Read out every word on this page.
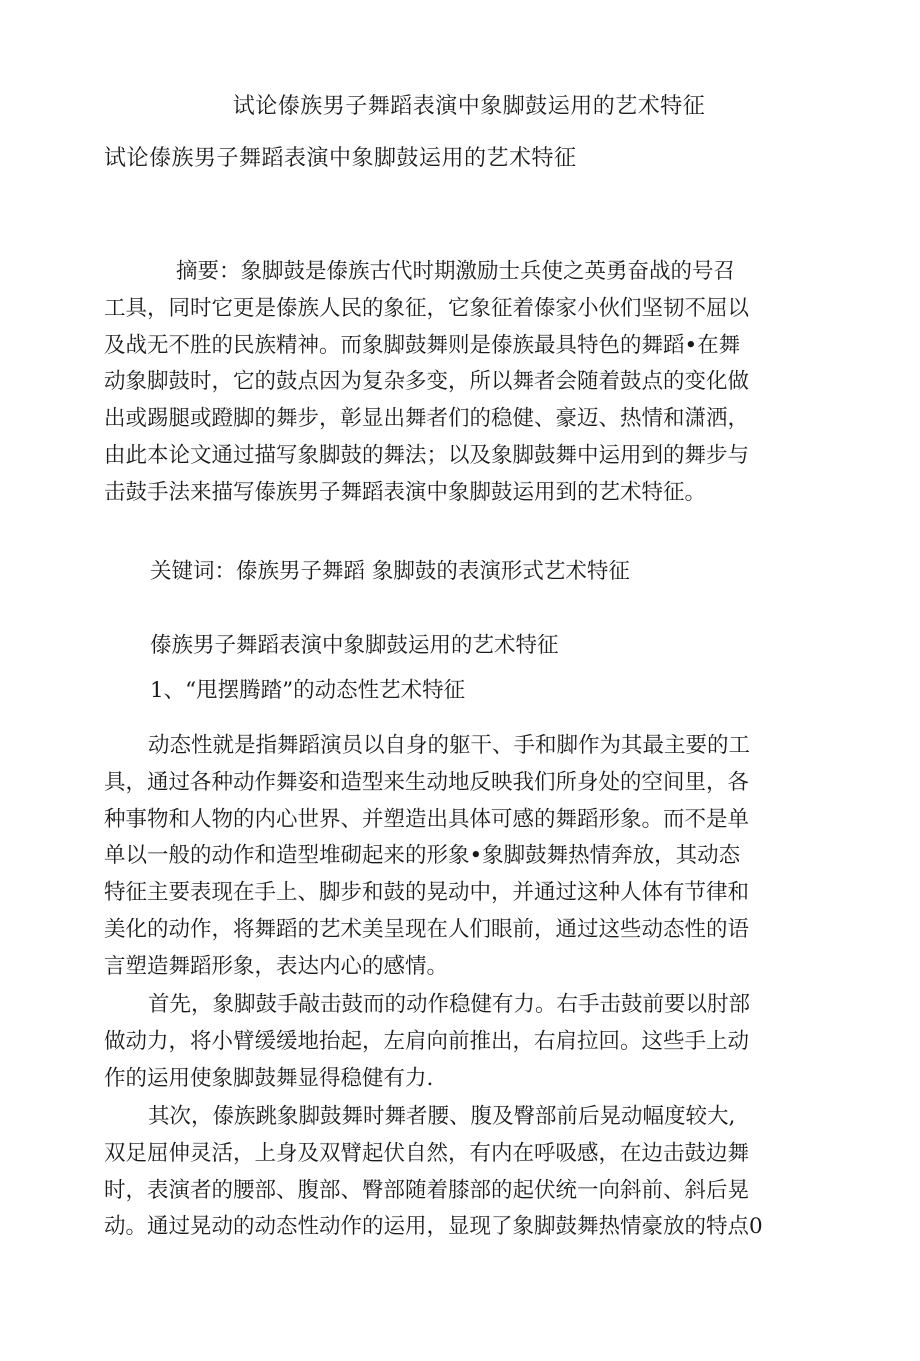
试论傣族男子舞蹈表演中象脚鼓运用的艺术特征
试论傣族男子舞蹈表演中象脚鼓运用的艺术特征
摘要：象脚鼓是傣族古代时期激励士兵使之英勇奋战的号召
工具，同时它更是傣族人民的象征，它象征着傣家小伙们坚韧不屈以
及战无不胜的民族精神。而象脚鼓舞则是傣族最具特色的舞蹈•在舞
动象脚鼓时，它的鼓点因为复杂多变，所以舞者会随着鼓点的变化做
出或踢腿或蹬脚的舞步，彰显出舞者们的稳健、豪迈、热情和潇洒，
由此本论文通过描写象脚鼓的舞法；以及象脚鼓舞中运用到的舞步与
击鼓手法来描写傣族男子舞蹈表演中象脚鼓运用到的艺术特征。
关键词：傣族男子舞蹈 象脚鼓的表演形式艺术特征
傣族男子舞蹈表演中象脚鼓运用的艺术特征
1、“甩摆腾踏”的动态性艺术特征
动态性就是指舞蹈演员以自身的躯干、手和脚作为其最主要的工
具，通过各种动作舞姿和造型来生动地反映我们所身处的空间里，各
种事物和人物的内心世界、并塑造出具体可感的舞蹈形象。而不是单
单以一般的动作和造型堆砌起来的形象•象脚鼓舞热情奔放，其动态
特征主要表现在手上、脚步和鼓的晃动中，并通过这种人体有节律和
美化的动作，将舞蹈的艺术美呈现在人们眼前，通过这些动态性的语
言塑造舞蹈形象，表达内心的感情。
首先，象脚鼓手敲击鼓而的动作稳健有力。右手击鼓前要以肘部
做动力，将小臂缓缓地抬起，左肩向前推出，右肩拉回。这些手上动
作的运用使象脚鼓舞显得稳健有力.
其次，傣族跳象脚鼓舞时舞者腰、腹及臀部前后晃动幅度较大,
双足屈伸灵活，上身及双臂起伏自然，有内在呼吸感，在边击鼓边舞
时，表演者的腰部、腹部、臀部随着膝部的起伏统一向斜前、斜后晃
动。通过晃动的动态性动作的运用，显现了象脚鼓舞热情豪放的特点0
